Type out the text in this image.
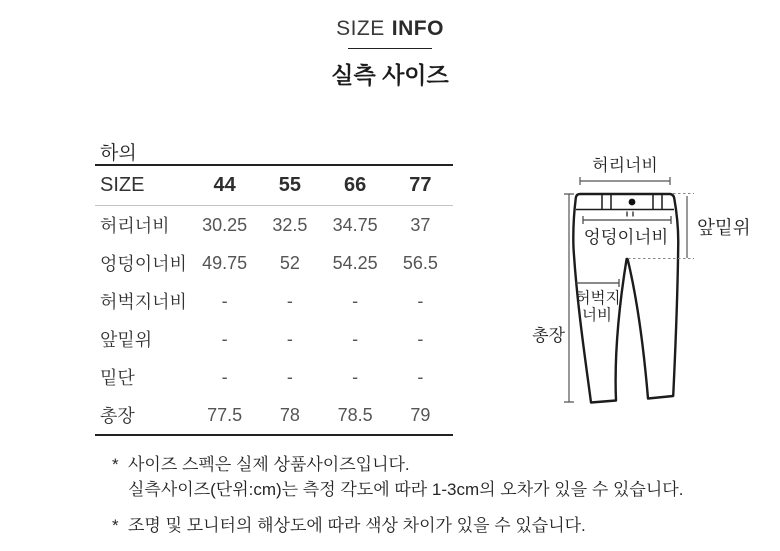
SIZE INFO
실측 사이즈
하의
SIZE	44	55	66	77
허리너비	30.25	32.5	34.75	37
엉덩이너비 49.75	52	54.25	56.5
허벅지너비	-	-	-	-
앞밑위	-	-	-	-
밑단	-	-	-	-
총장	77.5	78	78.5	79
허리너비
엉덩이너비 앞밑위
허벅지
너비
총장
* 사이즈 스펙은 실제 상품사이즈입니다.
실측사이즈(단위:cm)는 측정 각도에 따라 1-3cm의 오차가 있을 수 있습니다.
* 조명 및 모니터의 해상도에 따라 색상 차이가 있을 수 있습니다.
